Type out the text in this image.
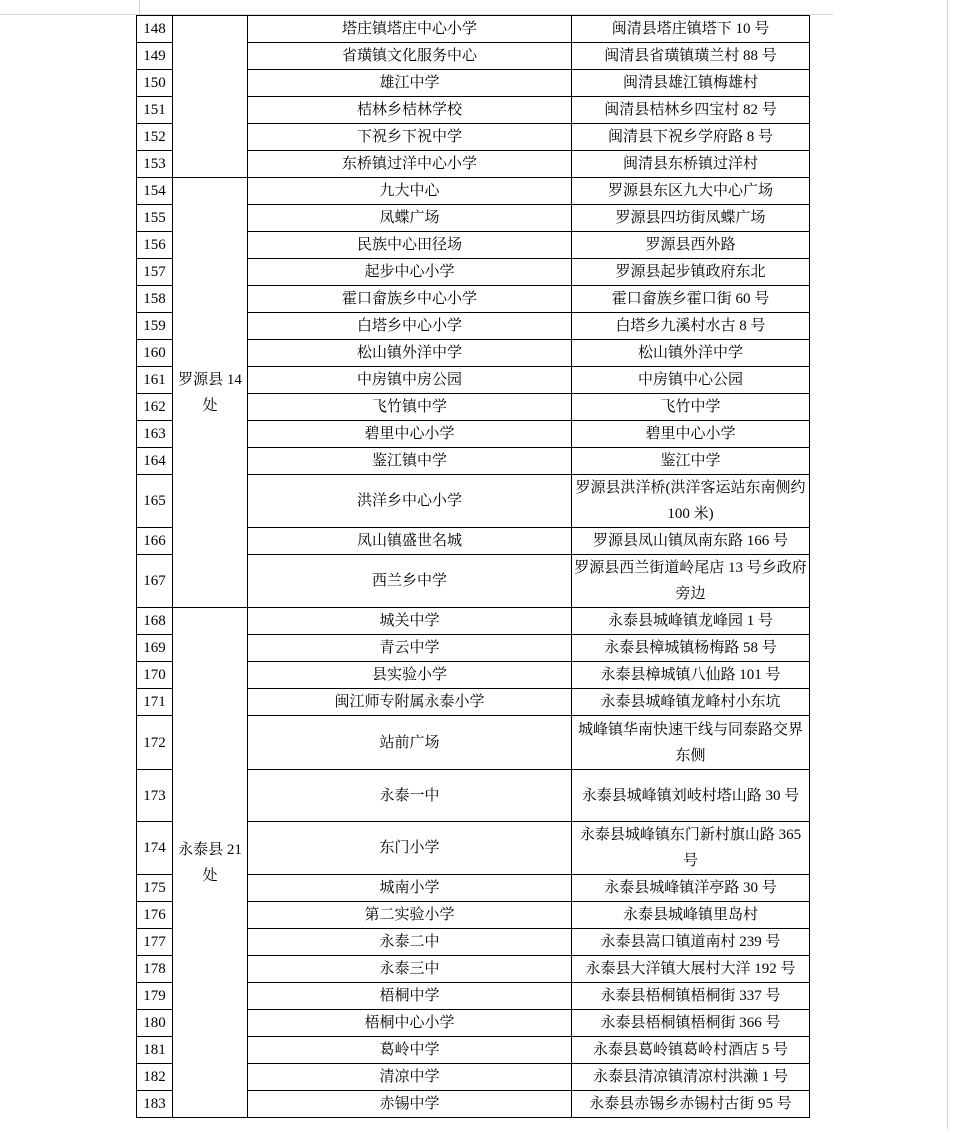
148		塔庄镇塔庄中心小学	闽清县塔庄镇塔下 10 号
149		省璜镇文化服务中心	闽清县省璜镇璜兰村 88 号
150		雄江中学	闽清县雄江镇梅雄村
151		桔林乡桔林学校	闽清县桔林乡四宝村 82 号
152		下祝乡下祝中学	闽清县下祝乡学府路 8 号
153		东桥镇过洋中心小学	闽清县东桥镇过洋村
154	罗源县 14 处	九大中心	罗源县东区九大中心广场
155		凤蝶广场	罗源县四坊街凤蝶广场
156		民族中心田径场	罗源县西外路
157		起步中心小学	罗源县起步镇政府东北
158		霍口畲族乡中心小学	霍口畲族乡霍口街 60 号
159		白塔乡中心小学	白塔乡九溪村水古 8 号
160		松山镇外洋中学	松山镇外洋中学
161		中房镇中房公园	中房镇中心公园
162		飞竹镇中学	飞竹中学
163		碧里中心小学	碧里中心小学
164		鉴江镇中学	鉴江中学
165		洪洋乡中心小学	罗源县洪洋桥(洪洋客运站东南侧约 100 米)
166		凤山镇盛世名城	罗源县凤山镇凤南东路 166 号
167		西兰乡中学	罗源县西兰街道岭尾店 13 号乡政府旁边
168	永泰县 21 处	城关中学	永泰县城峰镇龙峰园 1 号
169		青云中学	永泰县樟城镇杨梅路 58 号
170		县实验小学	永泰县樟城镇八仙路 101 号
171		闽江师专附属永泰小学	永泰县城峰镇龙峰村小东坑
172		站前广场	城峰镇华南快速干线与同泰路交界东侧
173		永泰一中	永泰县城峰镇刘岐村塔山路 30 号
174		东门小学	永泰县城峰镇东门新村旗山路 365 号
175		城南小学	永泰县城峰镇洋亭路 30 号
176		第二实验小学	永泰县城峰镇里岛村
177		永泰二中	永泰县嵩口镇道南村 239 号
178		永泰三中	永泰县大洋镇大展村大洋 192 号
179		梧桐中学	永泰县梧桐镇梧桐街 337 号
180		梧桐中心小学	永泰县梧桐镇梧桐街 366 号
181		葛岭中学	永泰县葛岭镇葛岭村酒店 5 号
182		清凉中学	永泰县清凉镇清凉村洪濑 1 号
183		赤锡中学	永泰县赤锡乡赤锡村古街 95 号
